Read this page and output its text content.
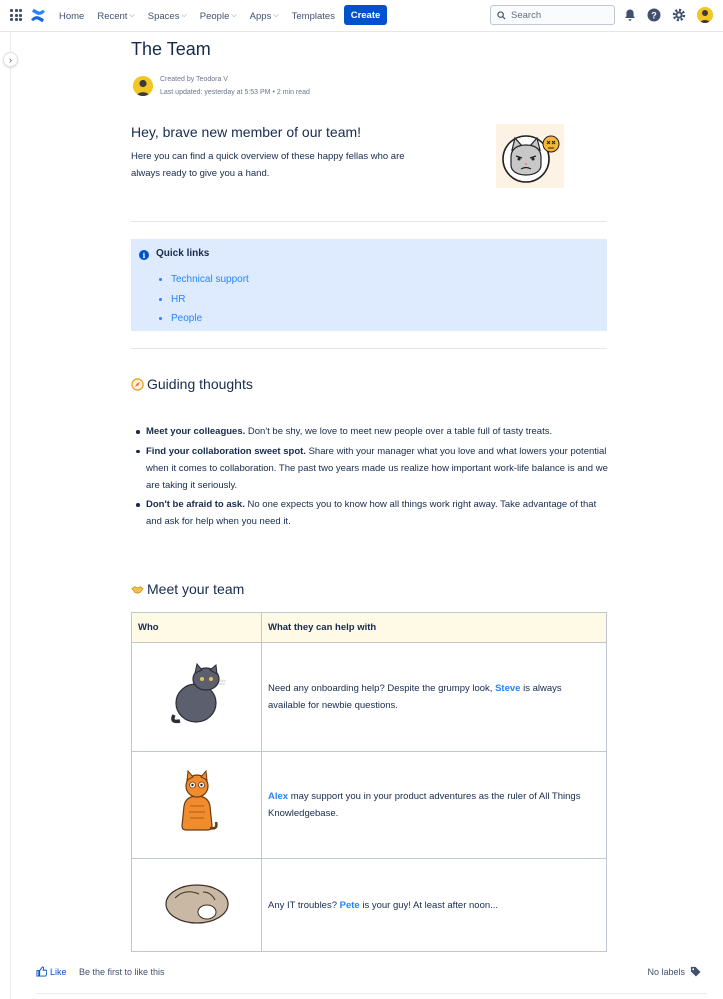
Home Recent ⌵ Spaces ⌵ People ⌵ Apps ⌵ Templates	Create	Search	?
›
The Team
Created by Teodora V
Last updated: yesterday at 5:53 PM • 2 min read
Hey, brave new member of our team!

Here you can find a quick overview of these happy fellas who are always ready to give you a hand.

i	Quick links
• Technical support
• HR
• People
Guiding thoughts
Meet your colleagues. Don't be shy, we love to meet new people over a table full of tasty treats.
Find your collaboration sweet spot. Share with your manager what you love and what lowers your potential when it comes to collaboration. The past two years made us realize how important work-life balance is and we are taking it seriously.
Don't be afraid to ask. No one expects you to know how all things work right away. Take advantage of that and ask for help when you need it.
Meet your team
Who	What they can help with
	Need any onboarding help? Despite the grumpy look, Steve is always available for newbie questions.
	Alex may support you in your product adventures as the ruler of All Things Knowledgebase.
	Any IT troubles? Pete is your guy! At least after noon...
Like Be the first to like this	No labels
